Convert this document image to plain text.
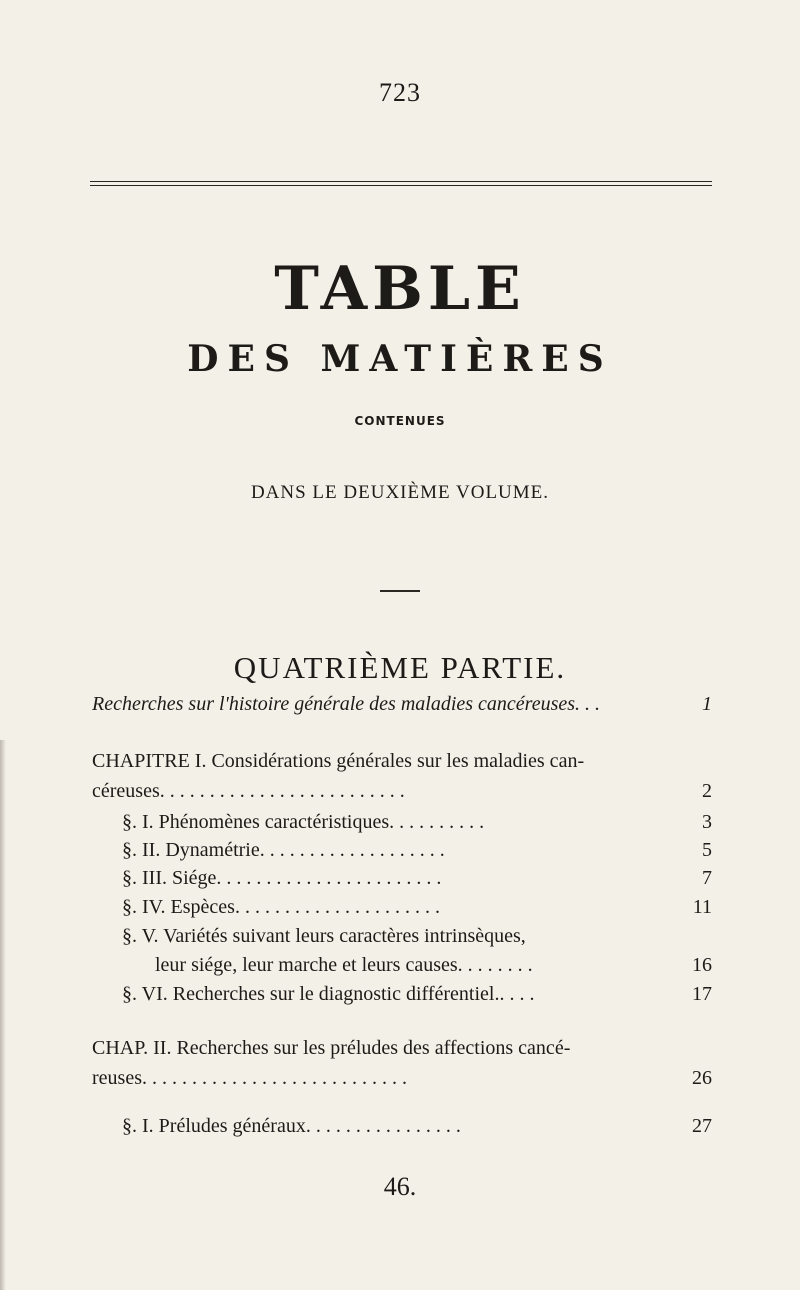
723
TABLE
DES MATIÈRES
CONTENUES
DANS LE DEUXIÈME VOLUME.
QUATRIÈME PARTIE.
Recherches sur l'histoire générale des maladies cancéreuses. . .	1
CHAPITRE I. Considérations générales sur les maladies can-
céreuses. . . . . . . . . . . . . . . . . . . . . . . . .	2
§. I. Phénomènes caractéristiques. . . . . . . . . .	3
§. II. Dynamétrie. . . . . . . . . . . . . . . . . . .	5
§. III. Siége. . . . . . . . . . . . . . . . . . . . . . .	7
§. IV. Espèces. . . . . . . . . . . . . . . . . . . . .	11
§. V. Variétés suivant leurs caractères intrinsèques,
leur siége, leur marche et leurs causes. . . . . . . .	16
§. VI. Recherches sur le diagnostic différentiel.. . . .	17
CHAP. II. Recherches sur les préludes des affections cancé-
reuses. . . . . . . . . . . . . . . . . . . . . . . . . . .	26
§. I. Préludes généraux. . . . . . . . . . . . . . . .	27
46.
